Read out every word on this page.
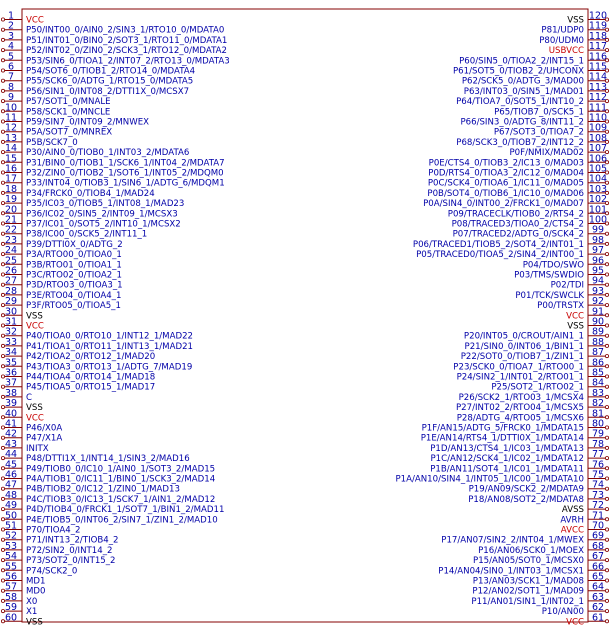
1 VCC
2 P50/INT00_0/AIN0_2/SIN3_1/RTO10_0/MDATA0
3 P51/INT01_0/BIN0_2/SOT3_1/RTO11_0/MDATA1
4 P52/INT02_0/ZIN0_2/SCK3_1/RTO12_0/MDATA2
5 P53/SIN6_0/TIOA1_2/INT07_2/RTO13_0/MDATA3
6 P54/SOT6_0/TIOB1_2/RTO14_0/MDATA4
7 P55/SCK6_0/ADTG_1/RTO15_0/MDATA5
8 P56/SIN1_0/INT08_2/DTTI1X_0/MCSX7
9 P57/SOT1_0/MNALE
10 P58/SCK1_0/MNCLE
11 P59/SIN7_0/INT09_2/MNWEX
12 P5A/SOT7_0/MNREX
13 P5B/SCK7_0
14 P30/AIN0_0/TIOB0_1/INT03_2/MDATA6
15 P31/BIN0_0/TIOB1_1/SCK6_1/INT04_2/MDATA7
16 P32/ZIN0_0/TIOB2_1/SOT6_1/INT05_2/MDQM0
17 P33/INT04_0/TIOB3_1/SIN6_1/ADTG_6/MDQM1
18 P34/FRCK0_0/TIOB4_1/MAD24
19 P35/IC03_0/TIOB5_1/INT08_1/MAD23
20 P36/IC02_0/SIN5_2/INT09_1/MCSX3
21 P37/IC01_0/SOT5_2/INT10_1/MCSX2
22 P38/IC00_0/SCK5_2/INT11_1
23 P39/DTTI0X_0/ADTG_2
24 P3A/RTO00_0/TIOA0_1
25 P3B/RTO01_0/TIOA1_1
26 P3C/RTO02_0/TIOA2_1
27 P3D/RTO03_0/TIOA3_1
28 P3E/RTO04_0/TIOA4_1
29 P3F/RTO05_0/TIOA5_1
30 VSS
31 VCC
32 P40/TIOA0_0/RTO10_1/INT12_1/MAD22
33 P41/TIOA1_0/RTO11_1/INT13_1/MAD21
34 P42/TIOA2_0/RTO12_1/MAD20
35 P43/TIOA3_0/RTO13_1/ADTG_7/MAD19
36 P44/TIOA4_0/RTO14_1/MAD18
37 P45/TIOA5_0/RTO15_1/MAD17
38 C
39 VSS
40 VCC
41 P46/X0A
42 P47/X1A
43 INITX
44 P48/DTTI1X_1/INT14_1/SIN3_2/MAD16
45 P49/TIOB0_0/IC10_1/AIN0_1/SOT3_2/MAD15
46 P4A/TIOB1_0/IC11_1/BIN0_1/SCK3_2/MAD14
47 P4B/TIOB2_0/IC12_1/ZIN0_1/MAD13
48 P4C/TIOB3_0/IC13_1/SCK7_1/AIN1_2/MAD12
49 P4D/TIOB4_0/FRCK1_1/SOT7_1/BIN1_2/MAD11
50 P4E/TIOB5_0/INT06_2/SIN7_1/ZIN1_2/MAD10
51 P70/TIOA4_2
52 P71/INT13_2/TIOB4_2
53 P72/SIN2_0/INT14_2
54 P73/SOT2_0/INT15_2
55 P74/SCK2_0
56 MD1
57 MD0
58 X0
59 X1
60 VSS
120
VSS
119
P81/UDP0
118
P80/UDM0
117
USBVCC
116
P60/SIN5_0/TIOA2_2/INT15_1
115
P61/SOT5_0/TIOB2_2/UHCONX
114
P62/SCK5_0/ADTG_3/MAD00
113
P63/INT03_0/SIN5_1/MAD01
112
P64/TIOA7_0/SOT5_1/INT10_2
111
P65/TIOB7_0/SCK5_1
110
P66/SIN3_0/ADTG_8/INT11_2
109
P67/SOT3_0/TIOA7_2
108
P68/SCK3_0/TIOB7_2/INT12_2
107
P0F/NMIX/MAD02
106
P0E/CTS4_0/TIOB3_2/IC13_0/MAD03
105
P0D/RTS4_0/TIOA3_2/IC12_0/MAD04
104
P0C/SCK4_0/TIOA6_1/IC11_0/MAD05
103
P0B/SOT4_0/TIOB6_1/IC10_0/MAD06
102
P0A/SIN4_0/INT00_2/FRCK1_0/MAD07
101
P09/TRACECLK/TIOB0_2/RTS4_2
100
P08/TRACED3/TIOA0_2/CTS4_2
99
P07/TRACED2/ADTG_0/SCK4_2
98
P06/TRACED1/TIOB5_2/SOT4_2/INT01_1
97
P05/TRACED0/TIOA5_2/SIN4_2/INT00_1
96
P04/TDO/SWO
95
P03/TMS/SWDIO
94
P02/TDI
93
P01/TCK/SWCLK
92
P00/TRSTX
91
VCC
90
VSS
89
P20/INT05_0/CROUT/AIN1_1
88
P21/SIN0_0/INT06_1/BIN1_1
87
P22/SOT0_0/TIOB7_1/ZIN1_1
86
P23/SCK0_0/TIOA7_1/RTO00_1
85
P24/SIN2_1/INT01_2/RTO01_1
84
P25/SOT2_1/RTO02_1
83
P26/SCK2_1/RTO03_1/MCSX4
82
P27/INT02_2/RTO04_1/MCSX5
81
P28/ADTG_4/RTO05_1/MCSX6
80
P1F/AN15/ADTG_5/FRCK0_1/MDATA15
79
P1E/AN14/RTS4_1/DTTI0X_1/MDATA14
78
P1D/AN13/CTS4_1/IC03_1/MDATA13
77
P1C/AN12/SCK4_1/IC02_1/MDATA12
76
P1B/AN11/SOT4_1/IC01_1/MDATA11
75
P1A/AN10/SIN4_1/INT05_1/IC00_1/MDATA10
74
P19/AN09/SCK2_2/MDATA9
73
P18/AN08/SOT2_2/MDATA8
72
AVSS
71
AVRH
70
AVCC
69
P17/AN07/SIN2_2/INT04_1/MWEX
68
P16/AN06/SCK0_1/MOEX
67
P15/AN05/SOT0_1/MCSX0
66
P14/AN04/SIN0_1/INT03_1/MCSX1
65
P13/AN03/SCK1_1/MAD08
64
P12/AN02/SOT1_1/MAD09
63
P11/AN01/SIN1_1/INT02_1
62
P10/AN00
61
VCC
